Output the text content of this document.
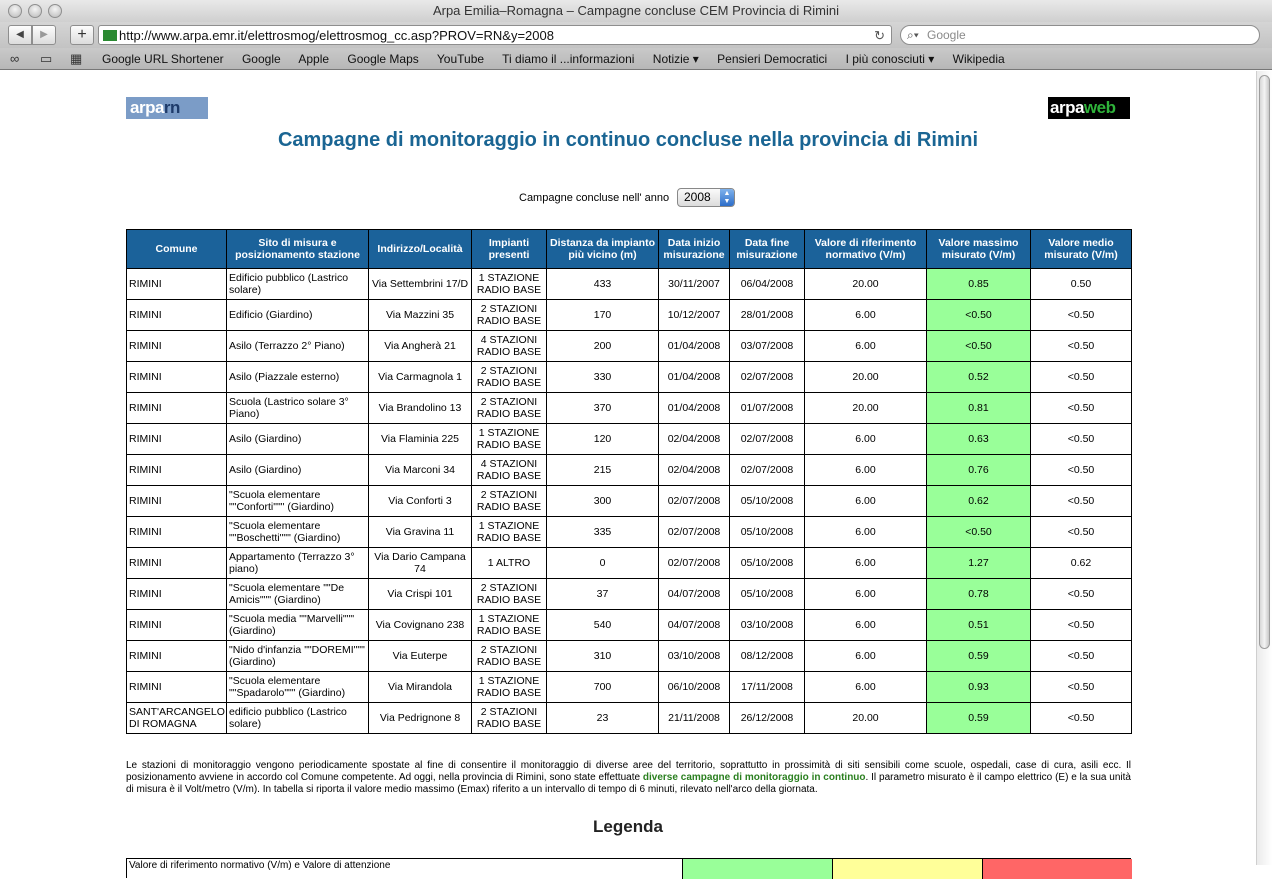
Arpa Emilia–Romagna – Campagne concluse CEM Provincia di Rimini
◀	▶	+	http://www.arpa.emr.it/elettrosmog/elettrosmog_cc.asp?PROV=RN&y=2008	↻ ⌕▾ Google
∞ ▭ ▦ Google URL Shortener Google Apple Google Maps YouTube Ti diamo il ...informazioni Notizie ▾ Pensieri Democratici I più conosciuti ▾ Wikipedia
arparn	arpaweb
Campagne di monitoraggio in continuo concluse nella provincia di Rimini
Campagne concluse nell' anno	2008	▲
▼
Comune	Sito di misura e posizionamento stazione	Indirizzo/Località	Impianti presenti	Distanza da impianto più vicino (m)	Data inizio misurazione	Data fine misurazione	Valore di riferimento normativo (V/m)	Valore massimo misurato (V/m)	Valore medio misurato (V/m)
RIMINI	Edificio pubblico (Lastrico solare)	Via Settembrini 17/D	1 STAZIONE RADIO BASE	433	30/11/2007	06/04/2008	20.00	0.85	0.50
RIMINI	Edificio (Giardino)	Via Mazzini 35	2 STAZIONI RADIO BASE	170	10/12/2007	28/01/2008	6.00	<0.50	<0.50
RIMINI	Asilo (Terrazzo 2° Piano)	Via Angherà 21	4 STAZIONI RADIO BASE	200	01/04/2008	03/07/2008	6.00	<0.50	<0.50
RIMINI	Asilo (Piazzale esterno)	Via Carmagnola 1	2 STAZIONI RADIO BASE	330	01/04/2008	02/07/2008	20.00	0.52	<0.50
RIMINI	Scuola (Lastrico solare 3° Piano)	Via Brandolino 13	2 STAZIONI RADIO BASE	370	01/04/2008	01/07/2008	20.00	0.81	<0.50
RIMINI	Asilo (Giardino)	Via Flaminia 225	1 STAZIONE RADIO BASE	120	02/04/2008	02/07/2008	6.00	0.63	<0.50
RIMINI	Asilo (Giardino)	Via Marconi 34	4 STAZIONI RADIO BASE	215	02/04/2008	02/07/2008	6.00	0.76	<0.50
RIMINI	"Scuola elementare ""Conforti""" (Giardino)	Via Conforti 3	2 STAZIONI RADIO BASE	300	02/07/2008	05/10/2008	6.00	0.62	<0.50
RIMINI	"Scuola elementare ""Boschetti""" (Giardino)	Via Gravina 11	1 STAZIONE RADIO BASE	335	02/07/2008	05/10/2008	6.00	<0.50	<0.50
RIMINI	Appartamento (Terrazzo 3° piano)	Via Dario Campana 74	1 ALTRO	0	02/07/2008	05/10/2008	6.00	1.27	0.62
RIMINI	"Scuola elementare ""De Amicis""" (Giardino)	Via Crispi 101	2 STAZIONI RADIO BASE	37	04/07/2008	05/10/2008	6.00	0.78	<0.50
RIMINI	"Scuola media ""Marvelli""" (Giardino)	Via Covignano 238	1 STAZIONE RADIO BASE	540	04/07/2008	03/10/2008	6.00	0.51	<0.50
RIMINI	"Nido d'infanzia ""DOREMI""" (Giardino)	Via Euterpe	2 STAZIONI RADIO BASE	310	03/10/2008	08/12/2008	6.00	0.59	<0.50
RIMINI	"Scuola elementare ""Spadarolo""" (Giardino)	Via Mirandola	1 STAZIONE RADIO BASE	700	06/10/2008	17/11/2008	6.00	0.93	<0.50
SANT'ARCANGELO DI ROMAGNA	edificio pubblico (Lastrico solare)	Via Pedrignone 8	2 STAZIONI RADIO BASE	23	21/11/2008	26/12/2008	20.00	0.59	<0.50
Le stazioni di monitoraggio vengono periodicamente spostate al fine di consentire il monitoraggio di diverse aree del territorio, soprattutto in prossimità di siti sensibili come scuole, ospedali, case di cura, asili ecc. Il posizionamento avviene in accordo col Comune competente. Ad oggi, nella provincia di Rimini, sono state effettuate diverse campagne di monitoraggio in continuo. Il parametro misurato è il campo elettrico (E) e la sua unità di misura è il Volt/metro (V/m). In tabella si riporta il valore medio massimo (Emax) riferito a un intervallo di tempo di 6 minuti, rilevato nell'arco della giornata.
Legenda
Valore di riferimento normativo (V/m) e Valore di attenzione
